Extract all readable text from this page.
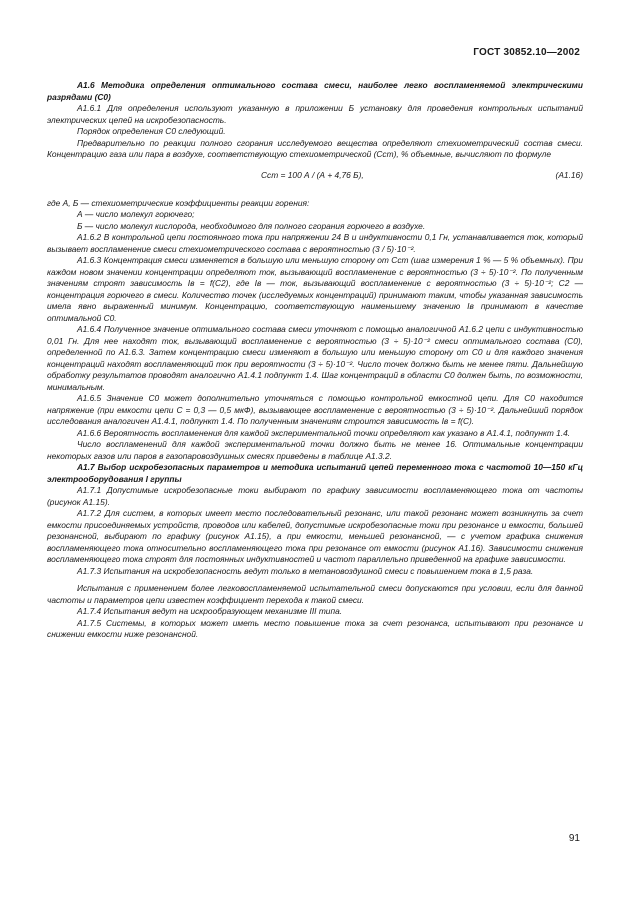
ГОСТ 30852.10—2002

А1.6 Методика определения оптимального состава смеси, наиболее легко воспламеняемой электрическими разрядами (C0)

А1.6.1 Для определения используют указанную в приложении Б установку для проведения контрольных испытаний электрических цепей на искробезопасность.

Порядок определения C0 следующий.

Предварительно по реакции полного сгорания исследуемого вещества определяют стехиометрический состав смеси. Концентрацию газа или пара в воздухе, соответствующую стехиометрической (Cст), % объемные, вычисляют по формуле

Cст = 100 А / (А + 4,76 Б),	(А1.16)

где А, Б — стехиометрические коэффициенты реакции горения:

А — число молекул горючего;

Б — число молекул кислорода, необходимого для полного сгорания горючего в воздухе.

А1.6.2 В контрольной цепи постоянного тока при напряжении 24 В и индуктивности 0,1 Гн, устанавливается ток, который вызывает воспламенение смеси стехиометрического состава с вероятностью (3 / 5)·10⁻².

А1.6.3 Концентрация смеси изменяется в большую или меньшую сторону от Cст (шаг измерения 1 % — 5 % объемных). При каждом новом значении концентрации определяют ток, вызывающий воспламенение с вероятностью (3 ÷ 5)·10⁻². По полученным значениям строят зависимость Iв = f(C2), где Iв — ток, вызывающий воспламенение с вероятностью (3 ÷ 5)·10⁻²; C2 — концентрация горючего в смеси. Количество точек (исследуемых концентраций) принимают таким, чтобы указанная зависимость имела явно выраженный минимум. Концентрацию, соответствующую наименьшему значению Iв принимают в качестве оптимальной C0.

А1.6.4 Полученное значение оптимального состава смеси уточняют с помощью аналогичной А1.6.2 цепи с индуктивностью 0,01 Гн. Для нее находят ток, вызывающий воспламенение с вероятностью (3 ÷ 5)·10⁻² смеси оптимального состава (C0), определенной по А1.6.3. Затем концентрацию смеси изменяют в большую или меньшую сторону от C0 и для каждого значения концентраций находят воспламеняющий ток при вероятности (3 ÷ 5)·10⁻². Число точек должно быть не менее пяти. Дальнейшую обработку результатов проводят аналогично А1.4.1 подпункт 1.4. Шаг концентраций в области C0 должен быть, по возможности, минимальным.

А1.6.5 Значение C0 может дополнительно уточняться с помощью контрольной емкостной цепи. Для C0 находится напряжение (при емкости цепи C = 0,3 — 0,5 мкФ), вызывающее воспламенение с вероятностью (3 ÷ 5)·10⁻². Дальнейший порядок исследования аналогичен А1.4.1, подпункт 1.4. По полученным значениям строится зависимость Iв = f(C).

А1.6.6 Вероятность воспламенения для каждой экспериментальной точки определяют как указано в А1.4.1, подпункт 1.4.

Число воспламенений для каждой экспериментальной точки должно быть не менее 16. Оптимальные концентрации некоторых газов или паров в газопаровоздушных смесях приведены в таблице А1.3.2.

А1.7 Выбор искробезопасных параметров и методика испытаний цепей переменного тока с частотой 10—150 кГц электрооборудования I группы

А1.7.1 Допустимые искробезопасные токи выбирают по графику зависимости воспламеняющего тока от частоты (рисунок А1.15).

А1.7.2 Для систем, в которых имеет место последовательный резонанс, или такой резонанс может возникнуть за счет емкости присоединяемых устройств, проводов или кабелей, допустимые искробезопасные токи при резонансе и емкости, большей резонансной, выбирают по графику (рисунок А1.15), а при емкости, меньшей резонансной, — с учетом графика снижения воспламеняющего тока относительно воспламеняющего тока при резонансе от емкости (рисунок А1.16). Зависимости снижения воспламеняющего тока строят для постоянных индуктивностей и частот параллельно приведенной на графике зависимости.

А1.7.3 Испытания на искробезопасность ведут только в метановоздушной смеси с повышением тока в 1,5 раза.

Испытания с применением более легковоспламеняемой испытательной смеси допускаются при условии, если для данной частоты и параметров цепи известен коэффициент перехода к такой смеси.

А1.7.4 Испытания ведут на искрообразующем механизме III типа.

А1.7.5 Системы, в которых может иметь место повышение тока за счет резонанса, испытывают при резонансе и снижении емкости ниже резонансной.

91
